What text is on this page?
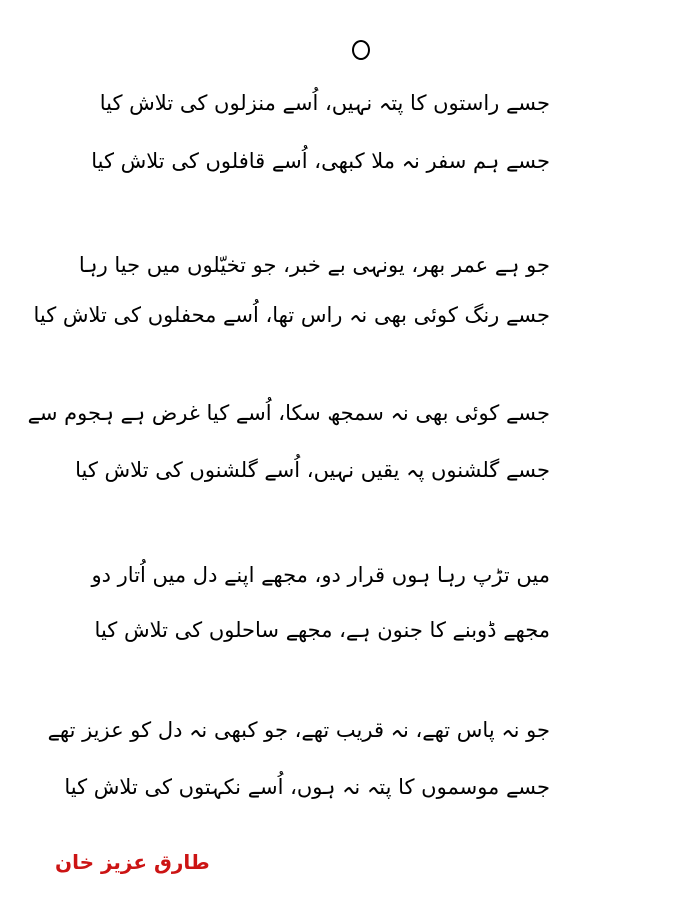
جسے راستوں کا پتہ نہیں، اُسے منزلوں کی تلاش کیا
جسے ہم سفر نہ ملا کبھی، اُسے قافلوں کی تلاش کیا
جو ہے عمر بھر، یونہی بے خبر، جو تخیّلوں میں جیا رہا
جسے رنگ کوئی بھی نہ راس تھا، اُسے محفلوں کی تلاش کیا
جسے کوئی بھی نہ سمجھ سکا، اُسے کیا غرض ہے ہجوم سے
جسے گلشنوں پہ یقیں نہیں، اُسے گلشنوں کی تلاش کیا
میں تڑپ رہا ہوں قرار دو، مجھے اپنے دل میں اُتار دو
مجھے ڈوبنے کا جنون ہے، مجھے ساحلوں کی تلاش کیا
جو نہ پاس تھے، نہ قریب تھے، جو کبھی نہ دل کو عزیز تھے
جسے موسموں کا پتہ نہ ہوں، اُسے نکہتوں کی تلاش کیا
طارق عزیز خان
